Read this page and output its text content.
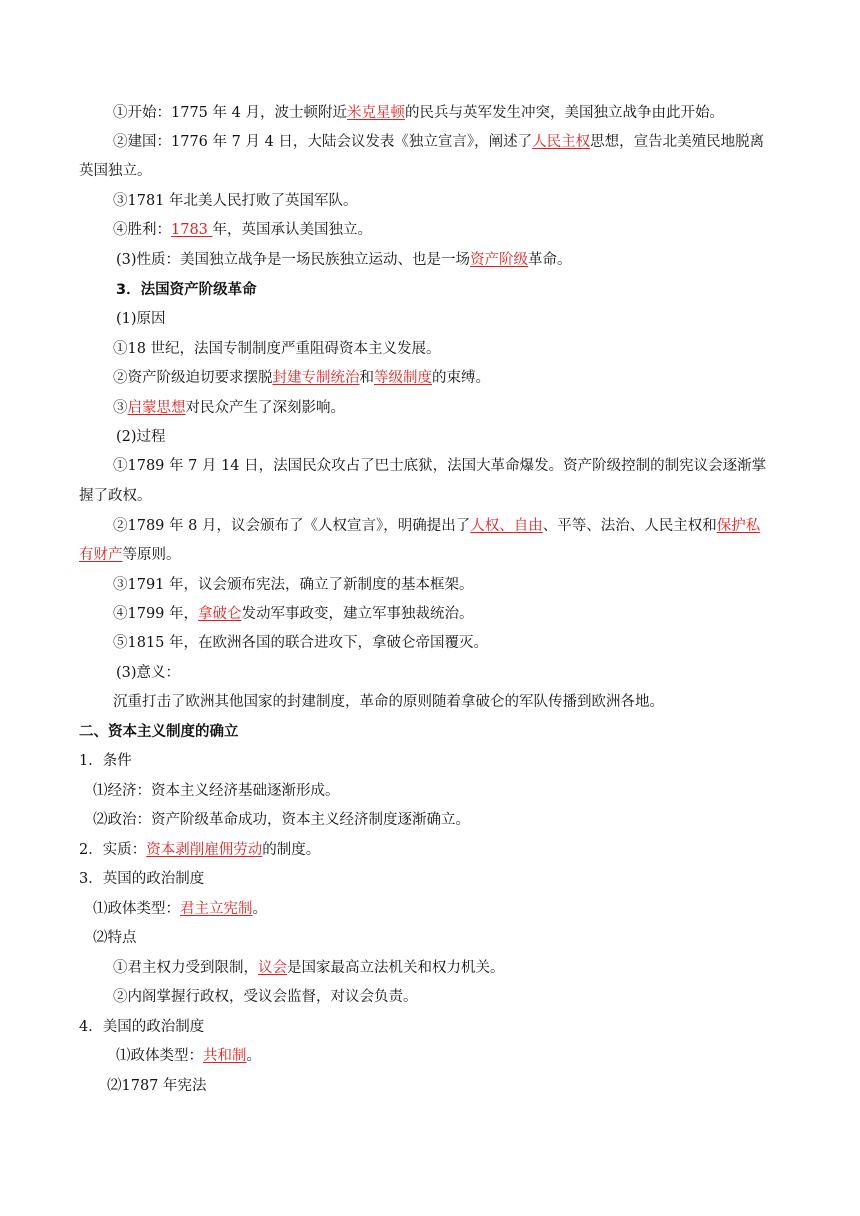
①开始：1775 年 4 月，波士顿附近米克星顿的民兵与英军发生冲突，美国独立战争由此开始。
②建国：1776 年 7 月 4 日，大陆会议发表《独立宣言》，阐述了人民主权思想，宣告北美殖民地脱离
英国独立。
③1781 年北美人民打败了英国军队。
④胜利：1783 年，英国承认美国独立。
(3)性质：美国独立战争是一场民族独立运动、也是一场资产阶级革命。
3．法国资产阶级革命
(1)原因
①18 世纪，法国专制制度严重阻碍资本主义发展。
②资产阶级迫切要求摆脱封建专制统治和等级制度的束缚。
③启蒙思想对民众产生了深刻影响。
(2)过程
①1789 年 7 月 14 日，法国民众攻占了巴士底狱，法国大革命爆发。资产阶级控制的制宪议会逐渐掌
握了政权。
②1789 年 8 月，议会颁布了《人权宣言》，明确提出了人权、自由、平等、法治、人民主权和保护私
有财产等原则。
③1791 年，议会颁布宪法，确立了新制度的基本框架。
④1799 年，拿破仑发动军事政变，建立军事独裁统治。
⑤1815 年，在欧洲各国的联合进攻下，拿破仑帝国覆灭。
(3)意义：
沉重打击了欧洲其他国家的封建制度，革命的原则随着拿破仑的军队传播到欧洲各地。
二、资本主义制度的确立
1．条件
⑴经济：资本主义经济基础逐渐形成。
⑵政治：资产阶级革命成功，资本主义经济制度逐渐确立。
2．实质：资本剥削雇佣劳动的制度。
3．英国的政治制度
⑴政体类型：君主立宪制。
⑵特点
①君主权力受到限制，议会是国家最高立法机关和权力机关。
②内阁掌握行政权，受议会监督，对议会负责。
4．美国的政治制度
⑴政体类型：共和制。
⑵1787 年宪法
